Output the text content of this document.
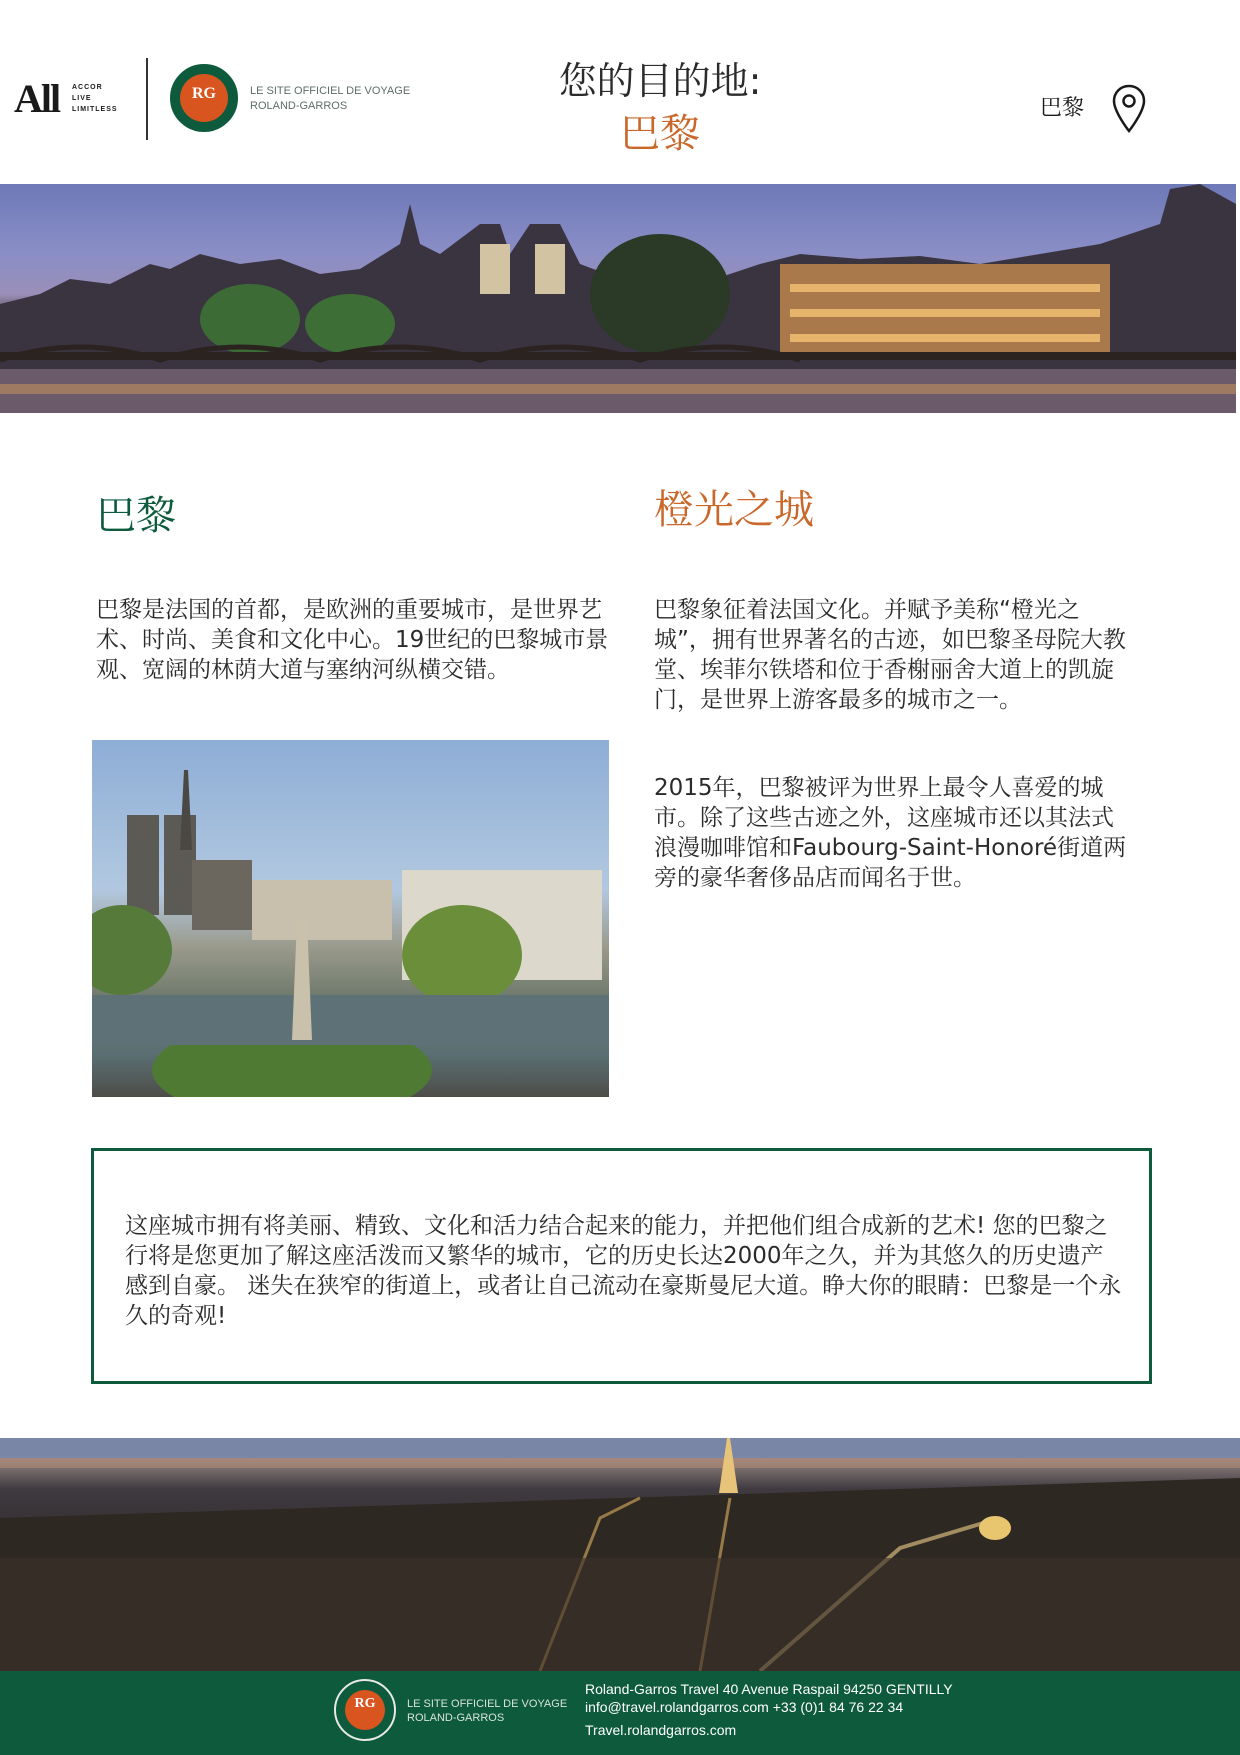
All ACCOR
LIVE
LIMITLESS
RG	LE SITE OFFICIEL DE VOYAGE
ROLAND-GARROS
您的目的地:
巴黎
巴黎
巴黎
巴黎是法国的首都，是欧洲的重要城市，是世界艺术、时尚、美食和文化中心。19世纪的巴黎城市景观、宽阔的林荫大道与塞纳河纵横交错。
橙光之城
巴黎象征着法国文化。并赋予美称“橙光之城”，拥有世界著名的古迹，如巴黎圣母院大教堂、埃菲尔铁塔和位于香榭丽舍大道上的凯旋门，是世界上游客最多的城市之一。
2015年，巴黎被评为世界上最令人喜爱的城市。除了这些古迹之外，这座城市还以其法式浪漫咖啡馆和Faubourg-Saint-Honoré街道两旁的豪华奢侈品店而闻名于世。
这座城市拥有将美丽、精致、文化和活力结合起来的能力，并把他们组合成新的艺术! 您的巴黎之行将是您更加了解这座活泼而又繁华的城市，它的历史长达2000年之久，并为其悠久的历史遗产感到自豪。 迷失在狭窄的街道上，或者让自己流动在豪斯曼尼大道。睁大你的眼睛：巴黎是一个永久的奇观!
RG	LE SITE OFFICIEL DE VOYAGE
ROLAND-GARROS
Roland-Garros Travel 40 Avenue Raspail 94250 GENTILLY
info@travel.rolandgarros.com +33 (0)1 84 76 22 34
Travel.rolandgarros.com
